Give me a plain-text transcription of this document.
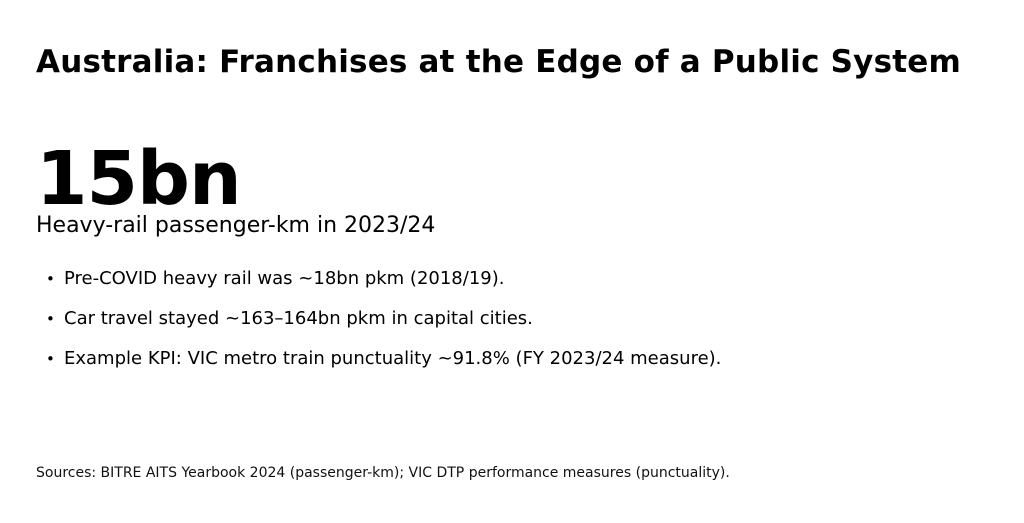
Australia: Franchises at the Edge of a Public System
15bn
Heavy-rail passenger-km in 2023/24
• Pre-COVID heavy rail was ~18bn pkm (2018/19).
• Car travel stayed ~163–164bn pkm in capital cities.
• Example KPI: VIC metro train punctuality ~91.8% (FY 2023/24 measure).
Sources: BITRE AITS Yearbook 2024 (passenger-km); VIC DTP performance measures (punctuality).
